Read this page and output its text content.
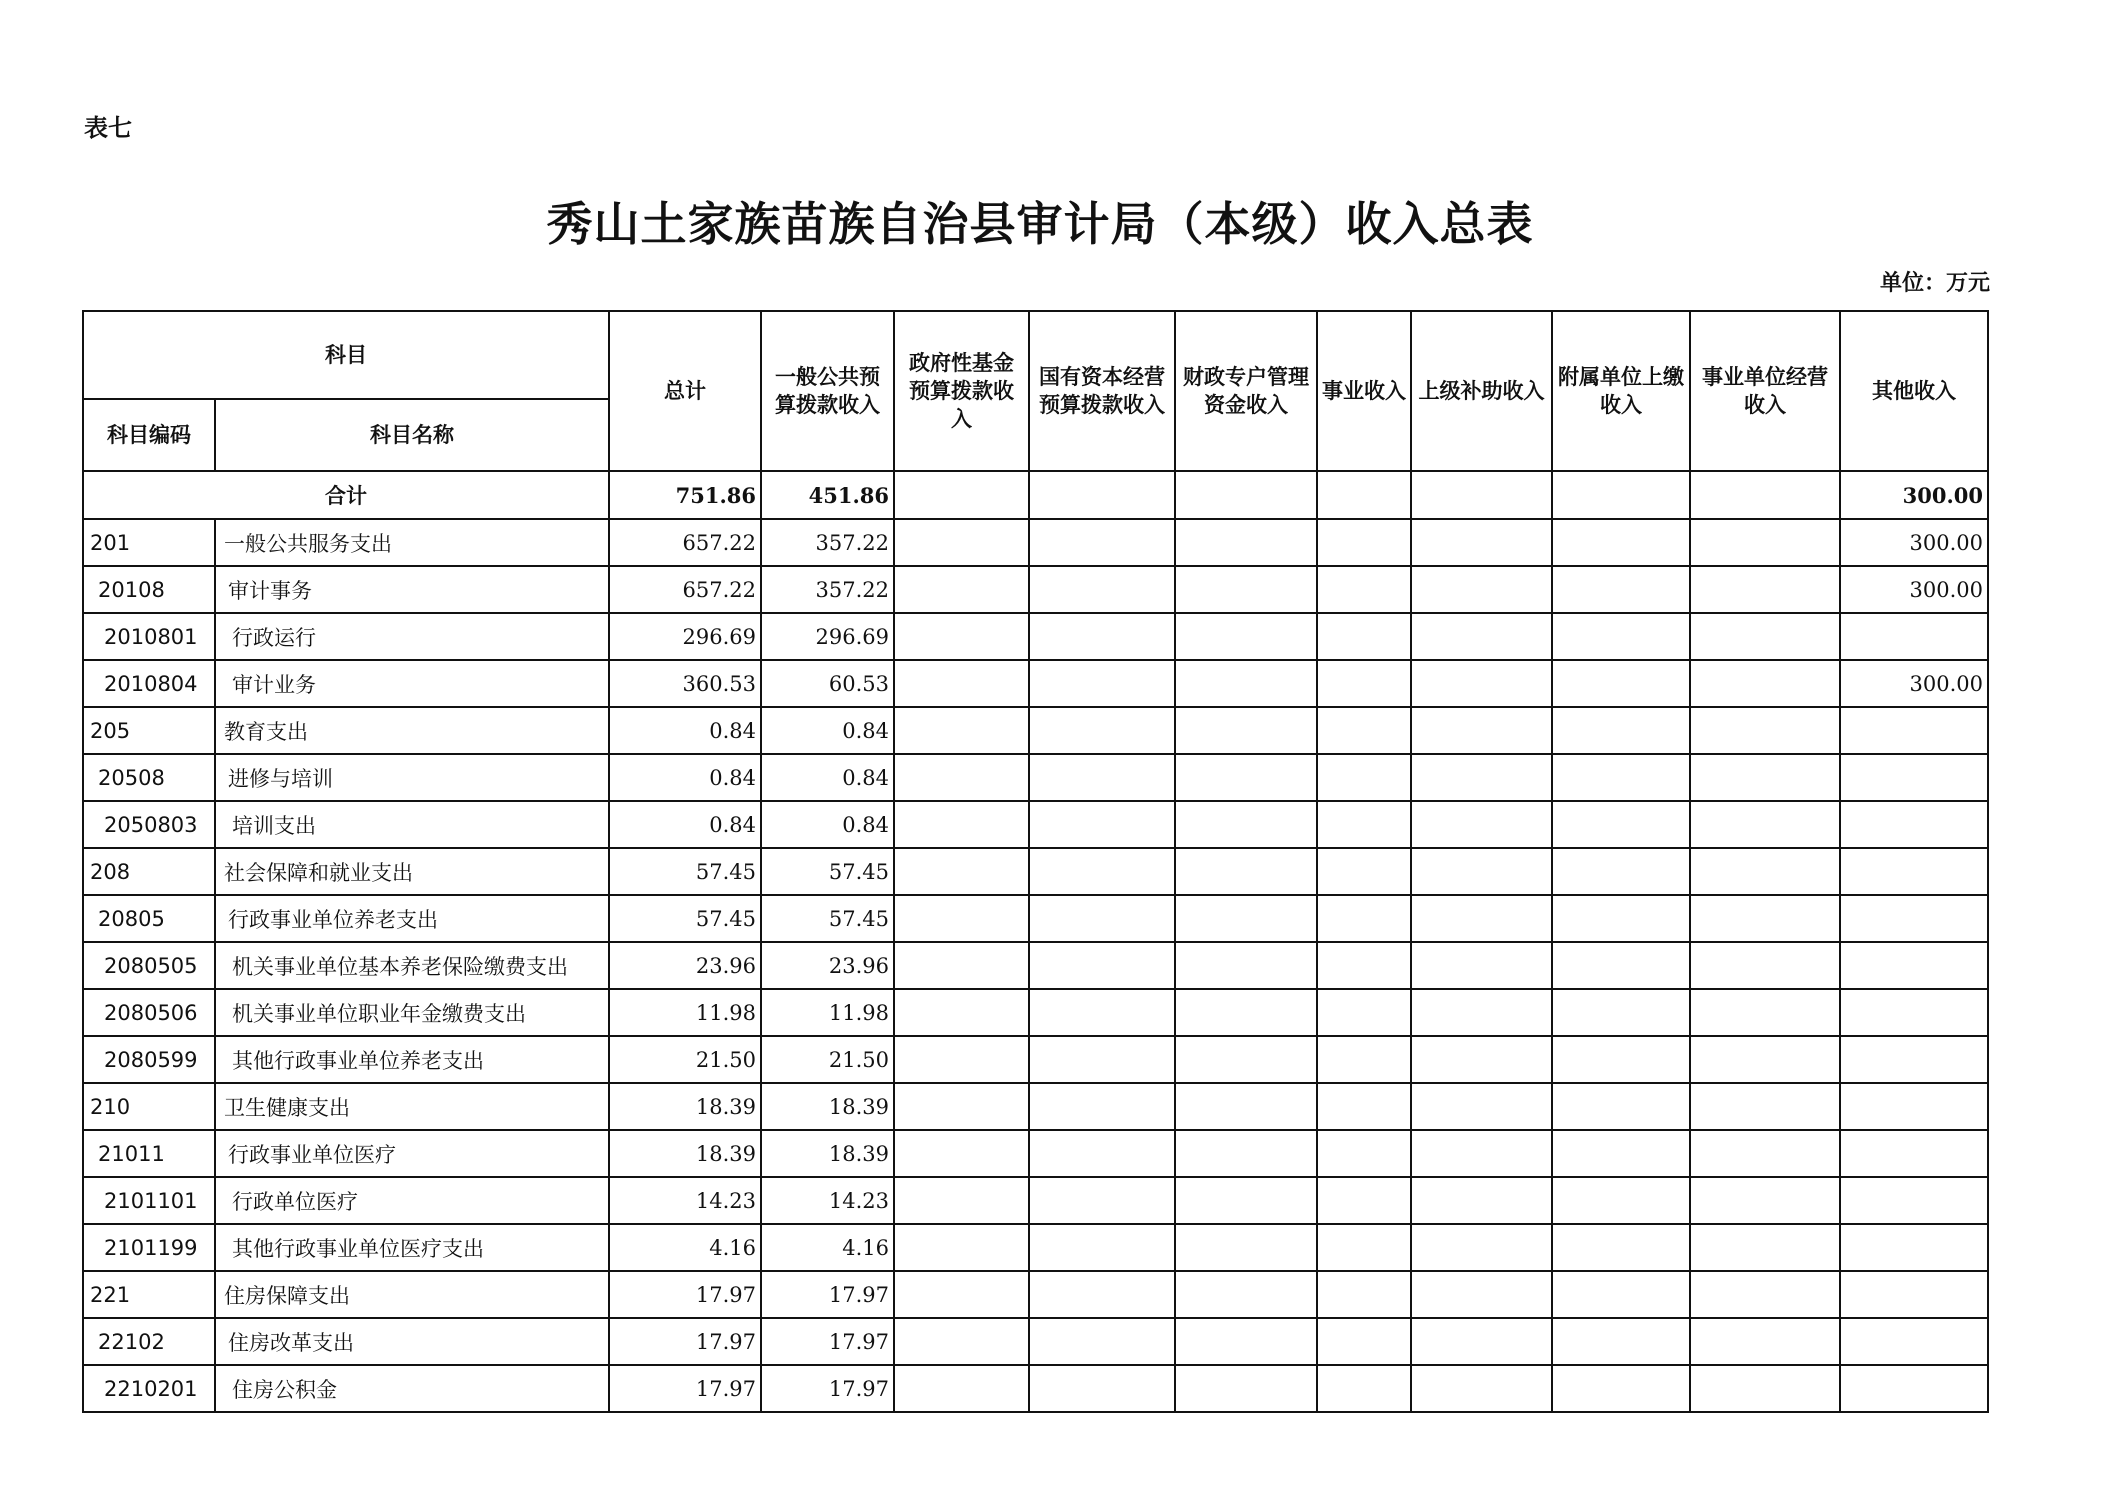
表七
秀山土家族苗族自治县审计局（本级）收入总表
单位：万元
科目		总计	一般公共预算拨款收入	政府性基金预算拨款收入	国有资本经营预算拨款收入	财政专户管理资金收入	事业收入	上级补助收入	附属单位上缴收入	事业单位经营收入	其他收入
科目编码	科目名称										
合计		751.86	451.86								300.00
201	一般公共服务支出	657.22	357.22								300.00
20108	审计事务	657.22	357.22								300.00
2010801	行政运行	296.69	296.69								
2010804	审计业务	360.53	60.53								300.00
205	教育支出	0.84	0.84								
20508	进修与培训	0.84	0.84								
2050803	培训支出	0.84	0.84								
208	社会保障和就业支出	57.45	57.45								
20805	行政事业单位养老支出	57.45	57.45								
2080505	机关事业单位基本养老保险缴费支出	23.96	23.96								
2080506	机关事业单位职业年金缴费支出	11.98	11.98								
2080599	其他行政事业单位养老支出	21.50	21.50								
210	卫生健康支出	18.39	18.39								
21011	行政事业单位医疗	18.39	18.39								
2101101	行政单位医疗	14.23	14.23								
2101199	其他行政事业单位医疗支出	4.16	4.16								
221	住房保障支出	17.97	17.97								
22102	住房改革支出	17.97	17.97								
2210201	住房公积金	17.97	17.97								
